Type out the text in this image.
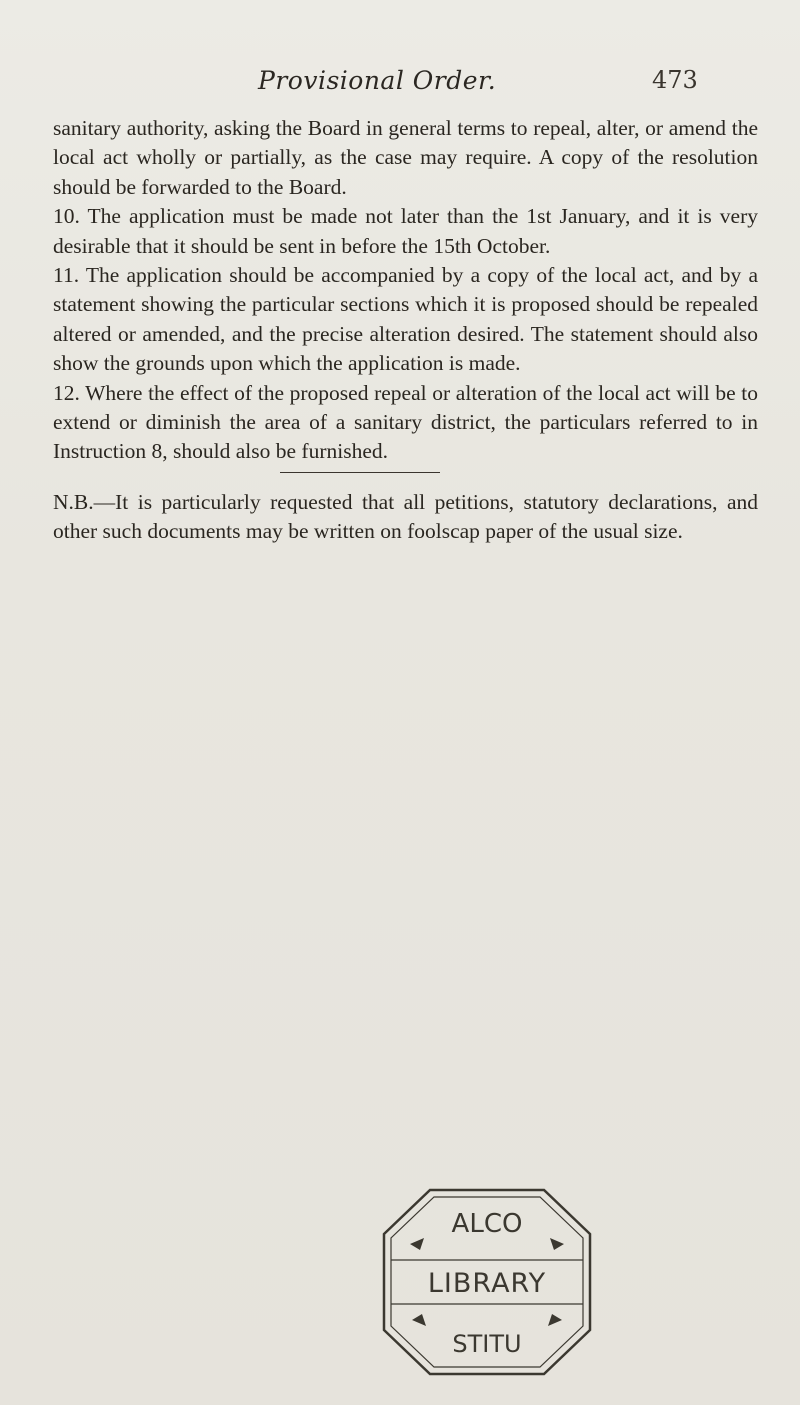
Provisional Order.	473

sanitary authority, asking the Board in general terms to repeal, alter, or amend the local act wholly or partially, as the case may require. A copy of the resolution should be forwarded to the Board.

10. The application must be made not later than the 1st January, and it is very desirable that it should be sent in before the 15th October.

11. The application should be accompanied by a copy of the local act, and by a statement showing the particular sections which it is proposed should be repealed altered or amended, and the precise alteration desired. The statement should also show the grounds upon which the application is made.

12. Where the effect of the proposed repeal or alteration of the local act will be to extend or diminish the area of a sanitary district, the particulars referred to in Instruction 8, should also be furnished.

N.B.—It is particularly requested that all petitions, statutory declarations, and other such documents may be written on foolscap paper of the usual size.

ALCO
LIBRARY
STITU
